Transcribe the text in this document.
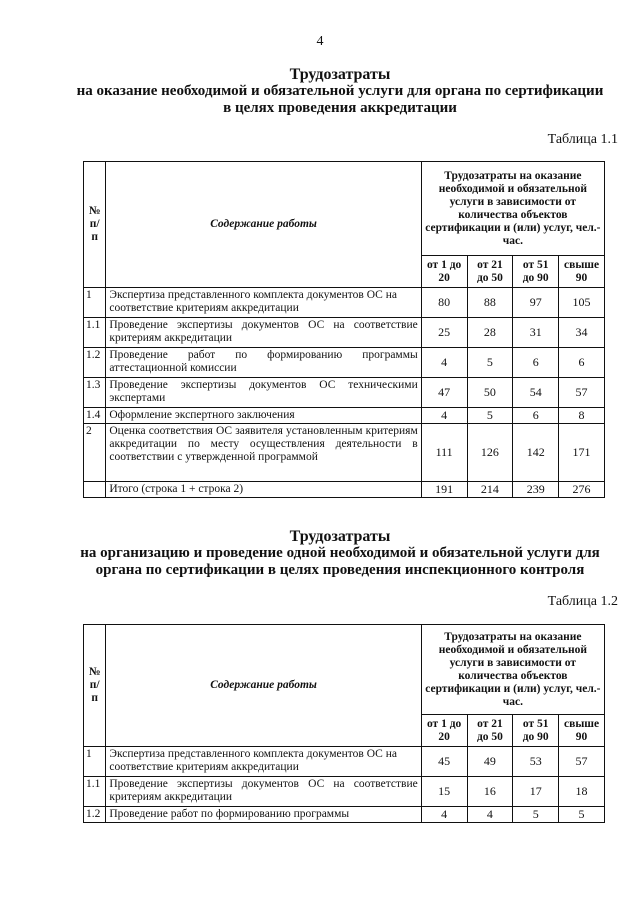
4
Трудозатраты
на оказание необходимой и обязательной услуги для органа по сертификации
в целях проведения аккредитации
Таблица 1.1
№ п/п	Содержание работы	Трудозатраты на оказание необходимой и обязательной услуги в зависимости от количества объектов сертификации и (или) услуг, чел.- час.			
		от 1 до 20	от 21 до 50	от 51 до 90	свыше 90
1	Экспертиза представленного комплекта документов ОС на соответствие критериям аккредитации	80	88	97	105
1.1	Проведение экспертизы документов ОС на соответствие критериям аккредитации	25	28	31	34
1.2	Проведение работ по формированию программы аттестационной комиссии	4	5	6	6
1.3	Проведение экспертизы документов ОС техническими экспертами	47	50	54	57
1.4	Оформление экспертного заключения	4	5	6	8
2	Оценка соответствия ОС заявителя установленным критериям аккредитации по месту осуществления деятельности в соответствии с утвержденной программой	111	126	142	171
	Итого (строка 1 + строка 2)	191	214	239	276
Трудозатраты
на организацию и проведение одной необходимой и обязательной услуги для
органа по сертификации в целях проведения инспекционного контроля
Таблица 1.2
№ п/п	Содержание работы	Трудозатраты на оказание необходимой и обязательной услуги в зависимости от количества объектов сертификации и (или) услуг, чел.- час.			
		от 1 до 20	от 21 до 50	от 51 до 90	свыше 90
1	Экспертиза представленного комплекта документов ОС на соответствие критериям аккредитации	45	49	53	57
1.1	Проведение экспертизы документов ОС на соответствие критериям аккредитации	15	16	17	18
1.2	Проведение работ по формированию программы	4	4	5	5
